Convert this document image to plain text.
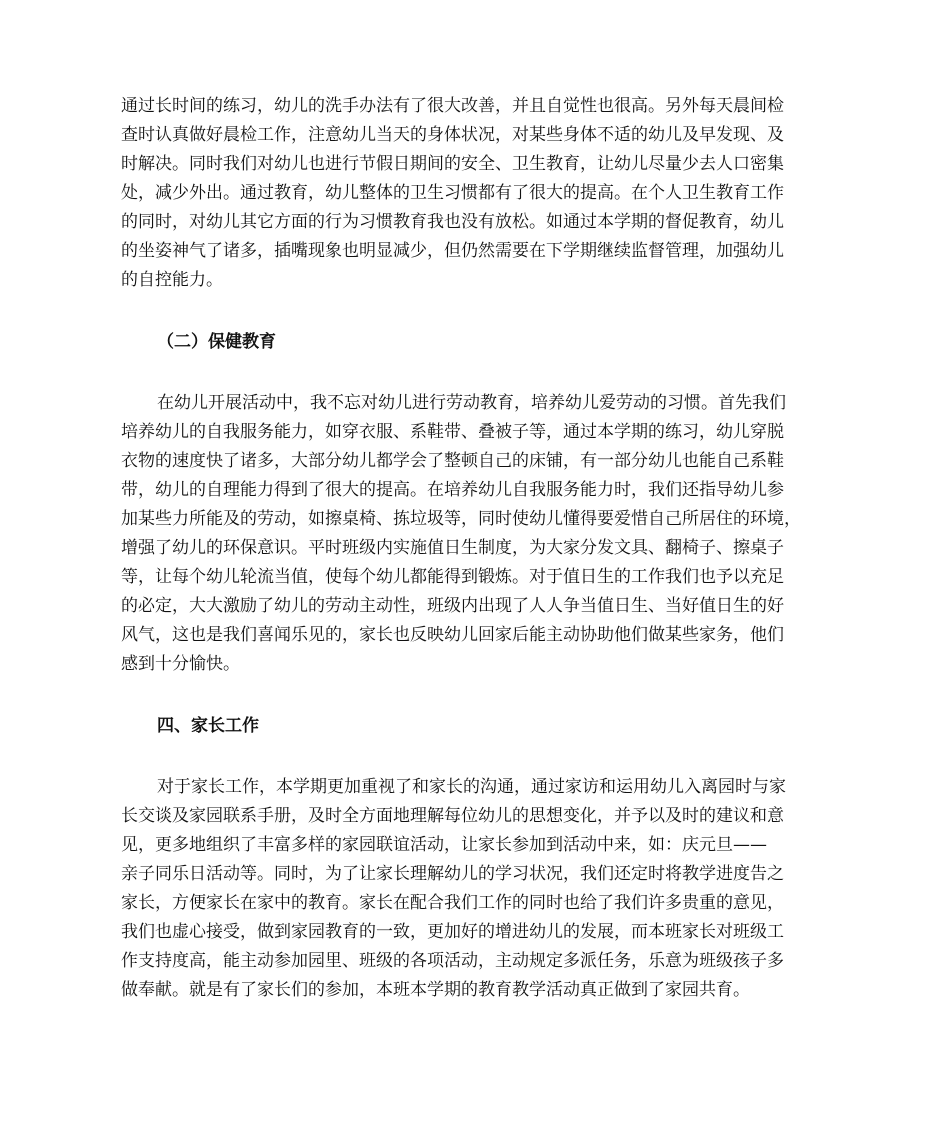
通过长时间的练习，幼儿的洗手办法有了很大改善，并且自觉性也很高。另外每天晨间检
查时认真做好晨检工作，注意幼儿当天的身体状况，对某些身体不适的幼儿及早发现、及
时解决。同时我们对幼儿也进行节假日期间的安全、卫生教育，让幼儿尽量少去人口密集
处，减少外出。通过教育，幼儿整体的卫生习惯都有了很大的提高。在个人卫生教育工作
的同时，对幼儿其它方面的行为习惯教育我也没有放松。如通过本学期的督促教育，幼儿
的坐姿神气了诸多，插嘴现象也明显减少，但仍然需要在下学期继续监督管理，加强幼儿
的自控能力。

（二）保健教育

在幼儿开展活动中，我不忘对幼儿进行劳动教育，培养幼儿爱劳动的习惯。首先我们
培养幼儿的自我服务能力，如穿衣服、系鞋带、叠被子等，通过本学期的练习，幼儿穿脱
衣物的速度快了诸多，大部分幼儿都学会了整顿自己的床铺，有一部分幼儿也能自己系鞋
带，幼儿的自理能力得到了很大的提高。在培养幼儿自我服务能力时，我们还指导幼儿参
加某些力所能及的劳动，如擦桌椅、拣垃圾等，同时使幼儿懂得要爱惜自己所居住的环境，
增强了幼儿的环保意识。平时班级内实施值日生制度，为大家分发文具、翻椅子、擦桌子
等，让每个幼儿轮流当值，使每个幼儿都能得到锻炼。对于值日生的工作我们也予以充足
的必定，大大激励了幼儿的劳动主动性，班级内出现了人人争当值日生、当好值日生的好
风气，这也是我们喜闻乐见的，家长也反映幼儿回家后能主动协助他们做某些家务，他们
感到十分愉快。

四、家长工作

对于家长工作，本学期更加重视了和家长的沟通，通过家访和运用幼儿入离园时与家
长交谈及家园联系手册，及时全方面地理解每位幼儿的思想变化，并予以及时的建议和意
见，更多地组织了丰富多样的家园联谊活动，让家长参加到活动中来，如：庆元旦——
亲子同乐日活动等。同时，为了让家长理解幼儿的学习状况，我们还定时将教学进度告之
家长，方便家长在家中的教育。家长在配合我们工作的同时也给了我们许多贵重的意见，
我们也虚心接受，做到家园教育的一致，更加好的增进幼儿的发展，而本班家长对班级工
作支持度高，能主动参加园里、班级的各项活动，主动规定多派任务，乐意为班级孩子多
做奉献。就是有了家长们的参加，本班本学期的教育教学活动真正做到了家园共育。
